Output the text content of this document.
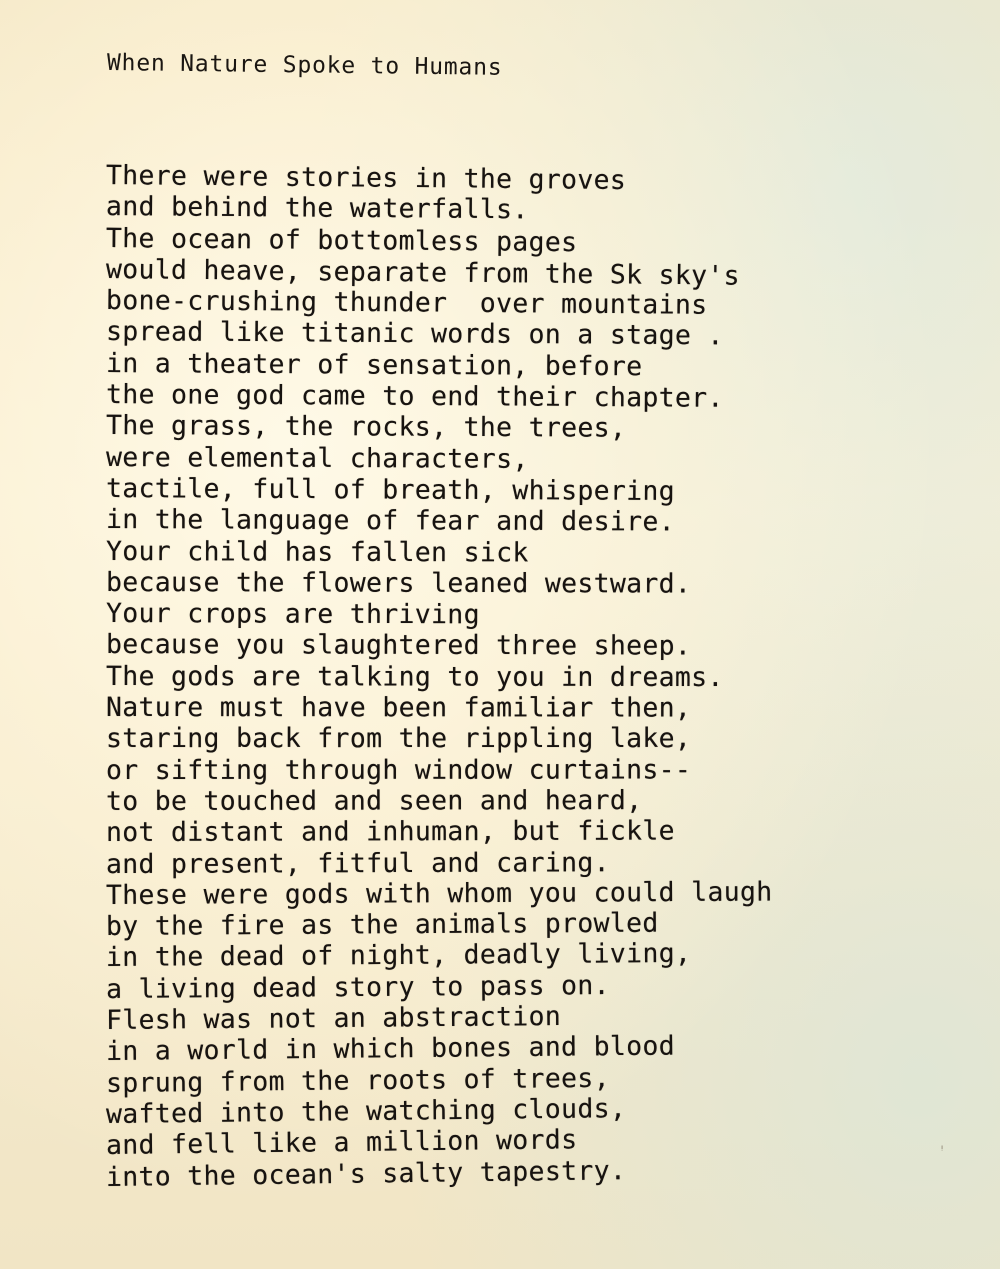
When Nature Spoke to Humans
There were stories in the groves
and behind the waterfalls.
The ocean of bottomless pages
would heave, separate from the Sk sky's
bone-crushing thunder  over mountains
spread like titanic words on a stage .
in a theater of sensation, before
the one god came to end their chapter.
The grass, the rocks, the trees,
were elemental characters,
tactile, full of breath, whispering
in the language of fear and desire.
Your child has fallen sick
because the flowers leaned westward.
Your crops are thriving
because you slaughtered three sheep.
The gods are talking to you in dreams.
Nature must have been familiar then,
staring back from the rippling lake,
or sifting through window curtains--
to be touched and seen and heard,
not distant and inhuman, but fickle
and present, fitful and caring.
These were gods with whom you could laugh
by the fire as the animals prowled
in the dead of night, deadly living,
a living dead story to pass on.
Flesh was not an abstraction
in a world in which bones and blood
sprung from the roots of trees,
wafted into the watching clouds,
and fell like a million words
into the ocean's salty tapestry.
ᵎ
